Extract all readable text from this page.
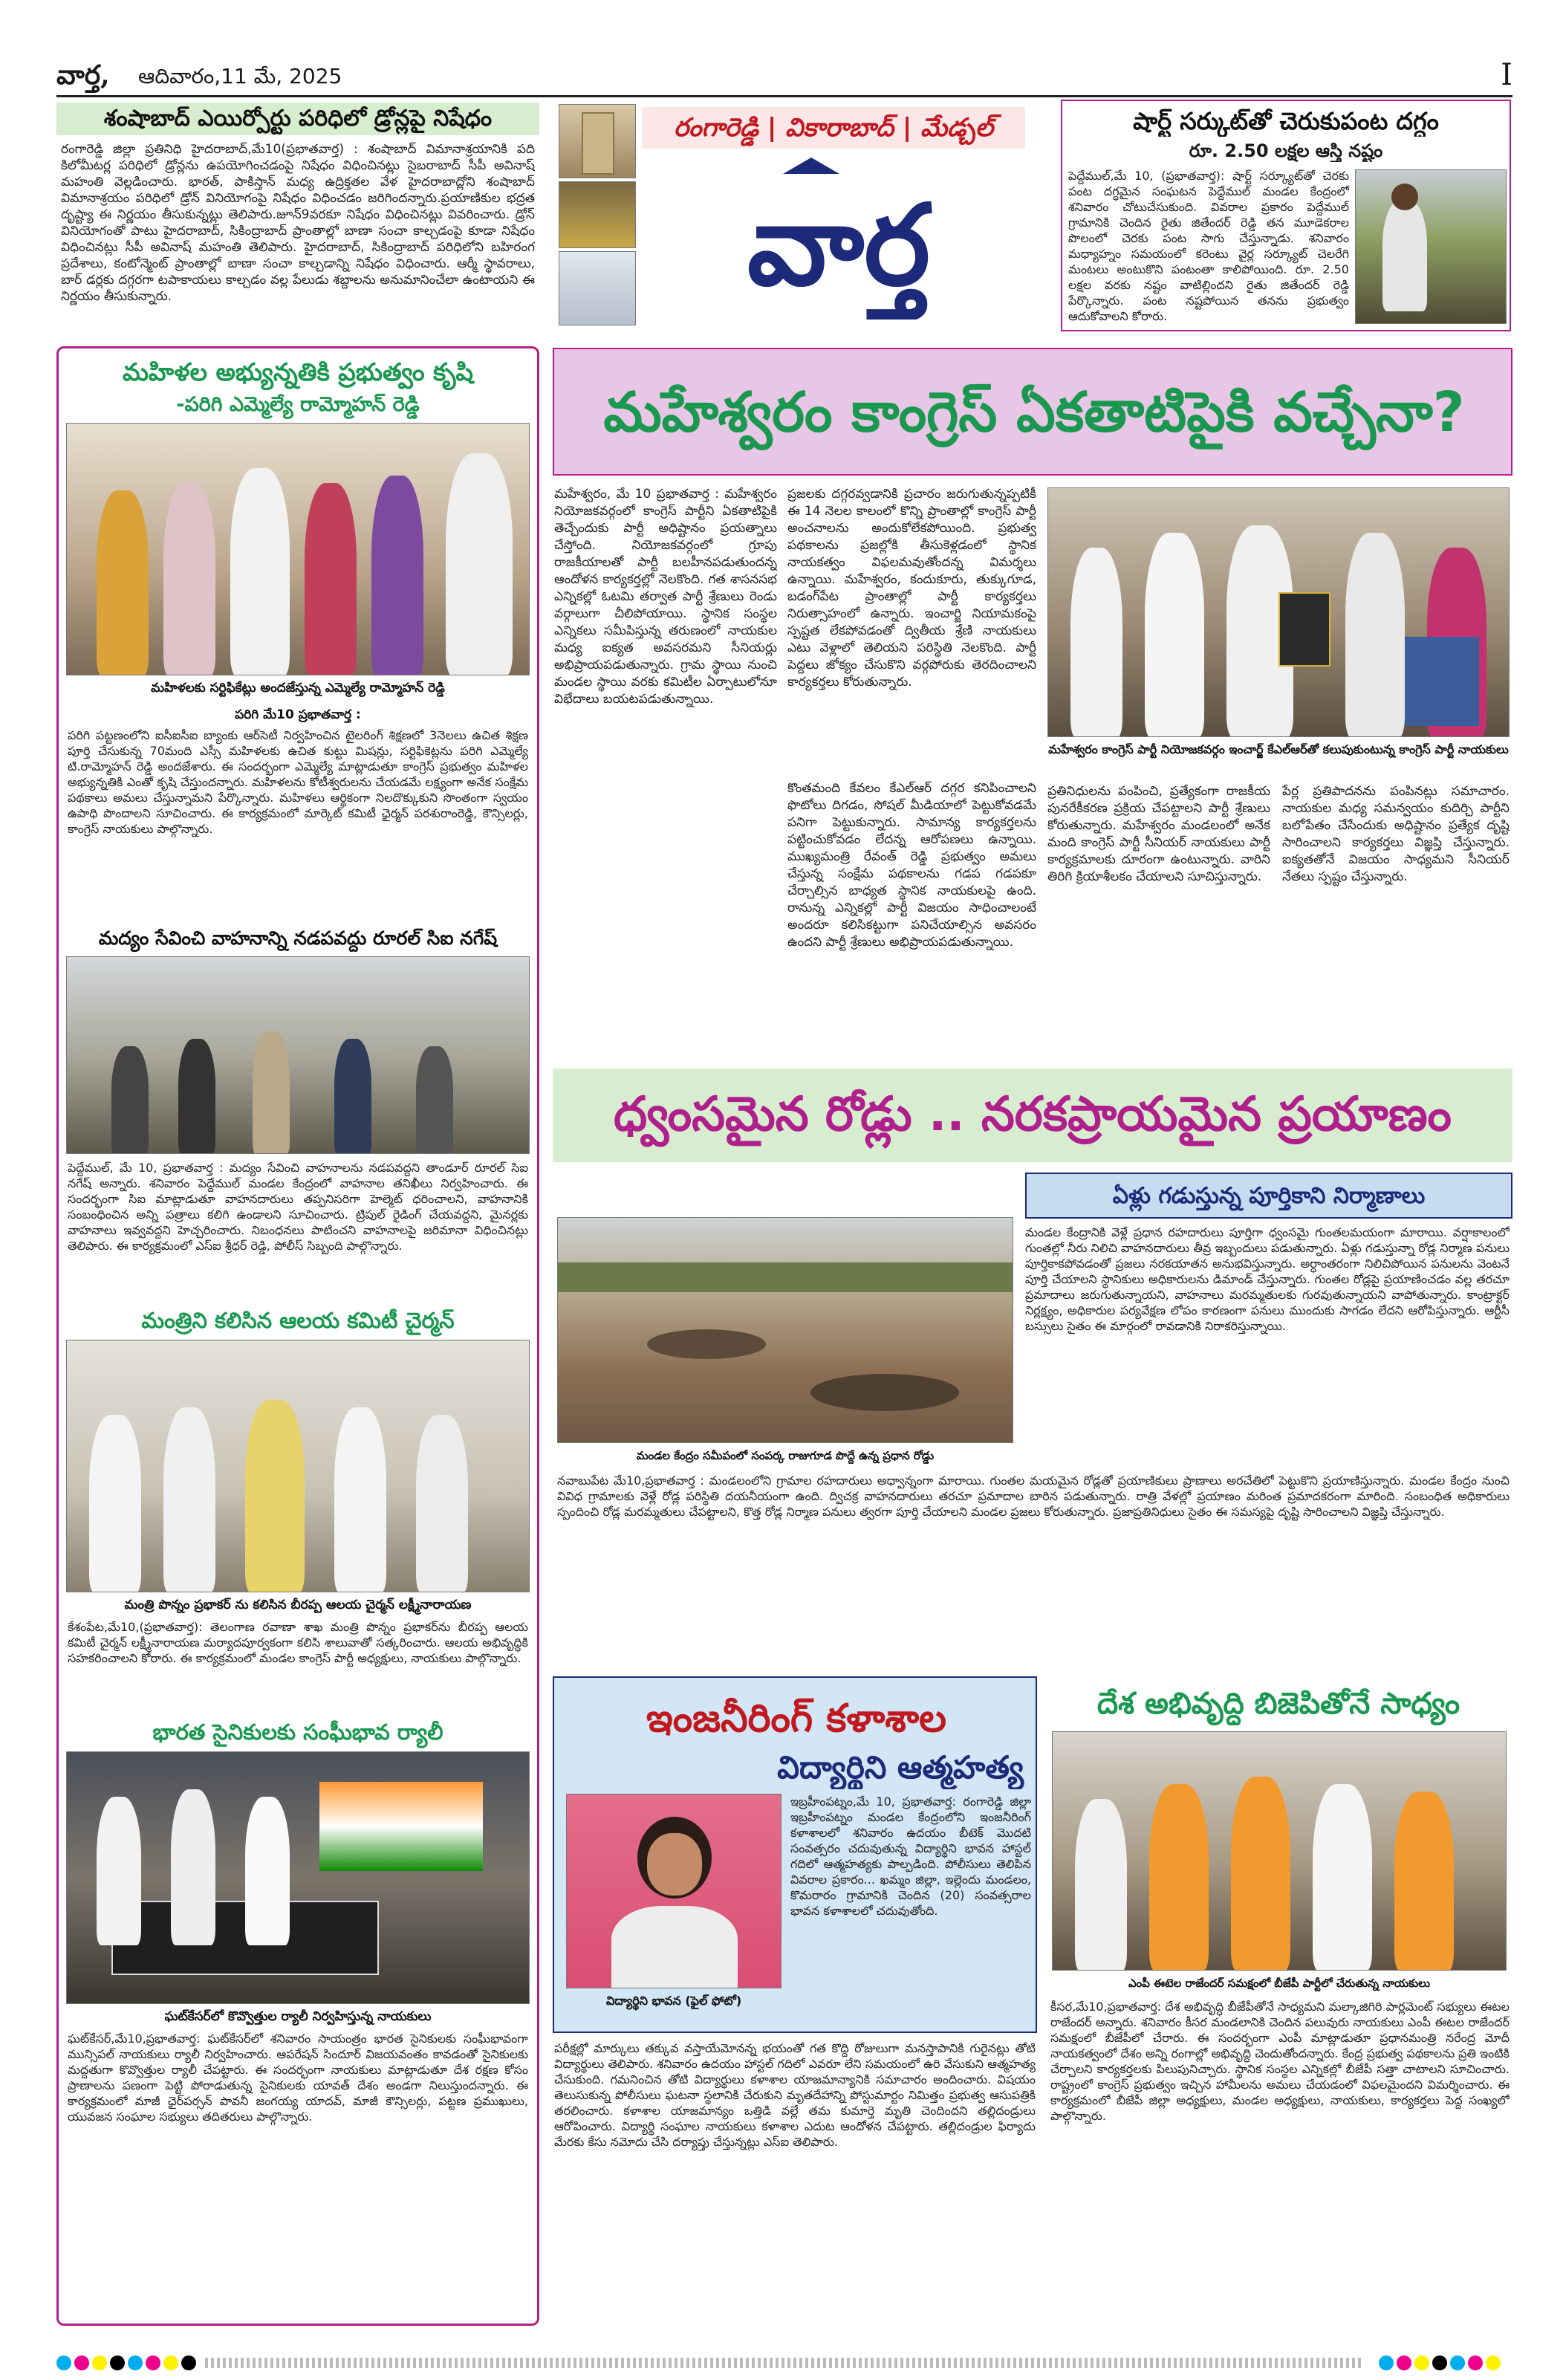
వార్త, ఆదివారం,11 మే, 2025	I
శంషాబాద్ ఎయిర్పోర్టు పరిధిలో డ్రోన్లపై నిషేధం
రంగారెడ్డి జిల్లా ప్రతినిధి హైదరాబాద్,మే10(ప్రభాతవార్త) : శంషాబాద్ విమానాశ్రయానికి పది కిలోమీటర్ల పరిధిలో డ్రోన్లను ఉపయోగించడంపై నిషేధం విధించినట్లు సైబరాబాద్ సీపీ అవినాష్ మహంతి వెల్లడించారు. భారత్, పాకిస్తాన్ మధ్య ఉద్రిక్తతల వేళ హైదరాబాద్లోని శంషాబాద్ విమానాశ్రయం పరిధిలో డ్రోన్ వినియోగంపై నిషేధం విధించడం జరిగిందన్నారు.ప్రయాణికుల భద్రత దృష్ట్యా ఈ నిర్ణయం తీసుకున్నట్లు తెలిపారు.జూన్9వరకూ నిషేధం విధించినట్లు వివరించారు. డ్రోన్ వినియోగంతో పాటు హైదరాబాద్, సికింద్రాబాద్ ప్రాంతాల్లో బాణా సంచా కాల్చడంపై కూడా నిషేధం విధించినట్లు సీపీ అవినాష్ మహంతి తెలిపారు. హైదరాబాద్, సికింద్రాబాద్ పరిధిలోని బహిరంగ ప్రదేశాలు, కంటోన్మెంట్ ప్రాంతాల్లో బాణా సంచా కాల్చడాన్ని నిషేధం విధించారు. ఆర్మీ స్థావరాలు, బార్ డర్లకు దగ్గరగా టపాకాయలు కాల్చడం వల్ల పేలుడు శబ్దాలను అనుమానించేలా ఉంటాయని ఈ నిర్ణయం తీసుకున్నారు.
రంగారెడ్డి | వికారాబాద్ | మేడ్చల్
వార్త
షార్ట్ సర్కుట్‌తో చెరుకుపంట దగ్ధం
రూ. 2.50 లక్షల ఆస్తి నష్టం
పెద్దేముల్,మే 10, (ప్రభాతవార్త): షార్ట్ సర్క్యూట్‌తో చెరకు పంట దగ్ధమైన సంఘటన పెద్దేముల్ మండల కేంద్రంలో శనివారం చోటుచేసుకుంది. వివరాల ప్రకారం పెద్దేముల్ గ్రామానికి చెందిన రైతు జితేందర్ రెడ్డి తన మూడెకరాల పొలంలో చెరకు పంట సాగు చేస్తున్నాడు. శనివారం మధ్యాహ్నం సమయంలో కరెంటు వైర్ల సర్క్యూట్ చెలరేగి మంటలు అంటుకొని పంటంతా కాలిపోయింది. రూ. 2.50 లక్షల వరకు నష్టం వాటిల్లిందని రైతు జితేందర్ రెడ్డి పేర్కొన్నారు. పంట నష్టపోయిన తనను ప్రభుత్వం ఆదుకోవాలని కోరారు.
మహిళల అభ్యున్నతికి ప్రభుత్వం కృషి
-పరిగి ఎమ్మెల్యే రామ్మోహన్ రెడ్డి
మహిళలకు సర్టిఫికేట్లు అందజేస్తున్న ఎమ్మెల్యే రామ్మోహన్ రెడ్డి
పరిగి మే10 ప్రభాతవార్త :
పరిగి పట్టణంలోని ఐసీఐసీఐ బ్యాంకు ఆర్‌సెటీ నిర్వహించిన టైలరింగ్ శిక్షణలో 3నెలలు ఉచిత శిక్షణ పూర్తి చేసుకున్న 70మంది ఎస్సీ మహిళలకు ఉచిత కుట్టు మిషన్లు, సర్టిఫికెట్లను పరిగి ఎమ్మెల్యే టి.రామ్మోహన్ రెడ్డి అందజేశారు. ఈ సందర్భంగా ఎమ్మెల్యే మాట్లాడుతూ కాంగ్రెస్ ప్రభుత్వం మహిళల అభ్యున్నతికి ఎంతో కృషి చేస్తుందన్నారు. మహిళలను కోటీశ్వరులను చేయడమే లక్ష్యంగా అనేక సంక్షేమ పథకాలు అమలు చేస్తున్నామని పేర్కొన్నారు. మహిళలు ఆర్థికంగా నిలదొక్కుకుని సొంతంగా స్వయం ఉపాధి పొందాలని సూచించారు. ఈ కార్యక్రమంలో మార్కెట్ కమిటీ ఛైర్మన్ పరశురాంరెడ్డి, కౌన్సిలర్లు, కాంగ్రెస్ నాయకులు పాల్గొన్నారు.
మద్యం సేవించి వాహనాన్ని నడపవద్దు రూరల్ సిఐ నగేష్
పెద్దేముల్, మే 10, ప్రభాతవార్త : మద్యం సేవించి వాహనాలను నడపవద్దని తాండూర్ రూరల్ సిఐ నగేష్ అన్నారు. శనివారం పెద్దేముల్ మండల కేంద్రంలో వాహనాల తనిఖీలు నిర్వహించారు. ఈ సందర్భంగా సిఐ మాట్లాడుతూ వాహనదారులు తప్పనిసరిగా హెల్మెట్ ధరించాలని, వాహనానికి సంబంధించిన అన్ని పత్రాలు కలిగి ఉండాలని సూచించారు. ట్రిపుల్ రైడింగ్ చేయవద్దని, మైనర్లకు వాహనాలు ఇవ్వవద్దని హెచ్చరించారు. నిబంధనలు పాటించని వాహనాలపై జరిమానా విధించినట్లు తెలిపారు. ఈ కార్యక్రమంలో ఎస్ఐ శ్రీధర్ రెడ్డి, పోలీస్ సిబ్బంది పాల్గొన్నారు.
మంత్రిని కలిసిన ఆలయ కమిటీ చైర్మన్
మంత్రి పొన్నం ప్రభాకర్ ను కలిసిన బీరప్ప ఆలయ చైర్మన్ లక్ష్మీనారాయణ
కేశంపేట,మే10,(ప్రభాతవార్త): తెలంగాణ రవాణా శాఖ మంత్రి పొన్నం ప్రభాకర్‌ను బీరప్ప ఆలయ కమిటీ చైర్మన్ లక్ష్మీనారాయణ మర్యాదపూర్వకంగా కలిసి శాలువాతో సత్కరించారు. ఆలయ అభివృద్ధికి సహకరించాలని కోరారు. ఈ కార్యక్రమంలో మండల కాంగ్రెస్ పార్టీ అధ్యక్షులు, నాయకులు పాల్గొన్నారు.
భారత సైనికులకు సంఘీభావ ర్యాలీ
ఘట్‌కేసర్‌లో కొవ్వొత్తుల ర్యాలీ నిర్వహిస్తున్న నాయకులు
ఘట్‌కేసర్,మే10,ప్రభాతవార్త: ఘట్‌కేసర్‌లో శనివారం సాయంత్రం భారత సైనికులకు సంఘీభావంగా మున్సిపల్ నాయకులు ర్యాలీ నిర్వహించారు. ఆపరేషన్ సిందూర్ విజయవంతం కావడంతో సైనికులకు మద్దతుగా కొవ్వొత్తుల ర్యాలీ చేపట్టారు. ఈ సందర్భంగా నాయకులు మాట్లాడుతూ దేశ రక్షణ కోసం ప్రాణాలను పణంగా పెట్టి పోరాడుతున్న సైనికులకు యావత్ దేశం అండగా నిలుస్తుందన్నారు. ఈ కార్యక్రమంలో మాజీ ఛైర్‌పర్సన్ పావనీ జంగయ్య యాదవ్, మాజీ కౌన్సిలర్లు, పట్టణ ప్రముఖులు, యువజన సంఘాల సభ్యులు తదితరులు పాల్గొన్నారు.
మహేశ్వరం కాంగ్రెస్ ఏకతాటిపైకి వచ్చేనా?
మహేశ్వరం, మే 10 ప్రభాతవార్త : మహేశ్వరం నియోజకవర్గంలో కాంగ్రెస్ పార్టీని ఏకతాటిపైకి తెచ్చేందుకు పార్టీ అధిష్టానం ప్రయత్నాలు చేస్తోంది. నియోజకవర్గంలో గ్రూపు రాజకీయాలతో పార్టీ బలహీనపడుతుందన్న ఆందోళన కార్యకర్తల్లో నెలకొంది. గత శాసనసభ ఎన్నికల్లో ఓటమి తర్వాత పార్టీ శ్రేణులు రెండు వర్గాలుగా చీలిపోయాయి. స్థానిక సంస్థల ఎన్నికలు సమీపిస్తున్న తరుణంలో నాయకుల మధ్య ఐక్యత అవసరమని సీనియర్లు అభిప్రాయపడుతున్నారు. గ్రామ స్థాయి నుంచి మండల స్థాయి వరకు కమిటీల ఏర్పాటులోనూ విభేదాలు బయటపడుతున్నాయి.
ప్రజలకు దగ్గరవ్వడానికి ప్రచారం జరుగుతున్నప్పటికీ ఈ 14 నెలల కాలంలో కొన్ని ప్రాంతాల్లో కాంగ్రెస్ పార్టీ అంచనాలను అందుకోలేకపోయింది. ప్రభుత్వ పథకాలను ప్రజల్లోకి తీసుకెళ్లడంలో స్థానిక నాయకత్వం విఫలమవుతోందన్న విమర్శలు ఉన్నాయి. మహేశ్వరం, కందుకూరు, తుక్కుగూడ, బడంగ్‌పేట ప్రాంతాల్లో పార్టీ కార్యకర్తలు నిరుత్సాహంలో ఉన్నారు. ఇంచార్జి నియామకంపై స్పష్టత లేకపోవడంతో ద్వితీయ శ్రేణి నాయకులు ఎటు వెళ్లాలో తెలియని పరిస్థితి నెలకొంది. పార్టీ పెద్దలు జోక్యం చేసుకొని వర్గపోరుకు తెరదించాలని కార్యకర్తలు కోరుతున్నారు.
కొంతమంది కేవలం కేఎల్ఆర్ దగ్గర కనిపించాలని ఫొటోలు దిగడం, సోషల్ మీడియాలో పెట్టుకోవడమే పనిగా పెట్టుకున్నారు. సామాన్య కార్యకర్తలను పట్టించుకోవడం లేదన్న ఆరోపణలు ఉన్నాయి. ముఖ్యమంత్రి రేవంత్ రెడ్డి ప్రభుత్వం అమలు చేస్తున్న సంక్షేమ పథకాలను గడప గడపకూ చేర్చాల్సిన బాధ్యత స్థానిక నాయకులపై ఉంది. రానున్న ఎన్నికల్లో పార్టీ విజయం సాధించాలంటే అందరూ కలిసికట్టుగా పనిచేయాల్సిన అవసరం ఉందని పార్టీ శ్రేణులు అభిప్రాయపడుతున్నాయి.
మహేశ్వరం కాంగ్రెస్ పార్టీ నియోజకవర్గం ఇంచార్జ్ కేఎల్ఆర్‌తో కలుపుకుంటున్న కాంగ్రెస్ పార్టీ నాయకులు
ప్రతినిధులను పంపించి, ప్రత్యేకంగా రాజకీయ పునరేకీకరణ ప్రక్రియ చేపట్టాలని పార్టీ శ్రేణులు కోరుతున్నారు. మహేశ్వరం మండలంలో అనేక మంది కాంగ్రెస్ పార్టీ సీనియర్ నాయకులు పార్టీ కార్యక్రమాలకు దూరంగా ఉంటున్నారు. వారిని తిరిగి క్రియాశీలకం చేయాలని సూచిస్తున్నారు.
పేర్ల ప్రతిపాదనను పంపినట్లు సమాచారం. నాయకుల మధ్య సమన్వయం కుదిర్చి పార్టీని బలోపేతం చేసేందుకు అధిష్టానం ప్రత్యేక దృష్టి సారించాలని కార్యకర్తలు విజ్ఞప్తి చేస్తున్నారు. ఐక్యతతోనే విజయం సాధ్యమని సీనియర్ నేతలు స్పష్టం చేస్తున్నారు.
ధ్వంసమైన రోడ్లు .. నరకప్రాయమైన ప్రయాణం
మండల కేంద్రం సమీపంలో సంపర్క రాజుగూడ పొద్దే ఉన్న ప్రధాన రోడ్డు
ఏళ్లు గడుస్తున్న పూర్తికాని నిర్మాణాలు
మండల కేంద్రానికి వెళ్లే ప్రధాన రహదారులు పూర్తిగా ధ్వంసమై గుంతలమయంగా మారాయి. వర్షాకాలంలో గుంతల్లో నీరు నిలిచి వాహనదారులు తీవ్ర ఇబ్బందులు పడుతున్నారు. ఏళ్లు గడుస్తున్నా రోడ్ల నిర్మాణ పనులు పూర్తికాకపోవడంతో ప్రజలు నరకయాతన అనుభవిస్తున్నారు. అర్ధాంతరంగా నిలిచిపోయిన పనులను వెంటనే పూర్తి చేయాలని స్థానికులు అధికారులను డిమాండ్ చేస్తున్నారు. గుంతల రోడ్లపై ప్రయాణించడం వల్ల తరచూ ప్రమాదాలు జరుగుతున్నాయని, వాహనాలు మరమ్మతులకు గురవుతున్నాయని వాపోతున్నారు. కాంట్రాక్టర్ నిర్లక్ష్యం, అధికారుల పర్యవేక్షణ లోపం కారణంగా పనులు ముందుకు సాగడం లేదని ఆరోపిస్తున్నారు. ఆర్టీసీ బస్సులు సైతం ఈ మార్గంలో రావడానికి నిరాకరిస్తున్నాయి.
నవాబుపేట మే10,ప్రభాతవార్త : మండలంలోని గ్రామాల రహదారులు అధ్వాన్నంగా మారాయి. గుంతల మయమైన రోడ్లతో ప్రయాణికులు ప్రాణాలు అరచేతిలో పెట్టుకొని ప్రయాణిస్తున్నారు. మండల కేంద్రం నుంచి వివిధ గ్రామాలకు వెళ్లే రోడ్ల పరిస్థితి దయనీయంగా ఉంది. ద్విచక్ర వాహనదారులు తరచూ ప్రమాదాల బారిన పడుతున్నారు. రాత్రి వేళల్లో ప్రయాణం మరింత ప్రమాదకరంగా మారింది. సంబంధిత అధికారులు స్పందించి రోడ్ల మరమ్మతులు చేపట్టాలని, కొత్త రోడ్ల నిర్మాణ పనులు త్వరగా పూర్తి చేయాలని మండల ప్రజలు కోరుతున్నారు. ప్రజాప్రతినిధులు సైతం ఈ సమస్యపై దృష్టి సారించాలని విజ్ఞప్తి చేస్తున్నారు.
ఇంజనీరింగ్ కళాశాల
విద్యార్థిని ఆత్మహత్య
విద్యార్థిని భావన (ఫైల్ ఫోటో)
ఇబ్రహీంపట్నం,మే 10, ప్రభాతవార్త: రంగారెడ్డి జిల్లా ఇబ్రహీంపట్నం మండల కేంద్రంలోని ఇంజనీరింగ్ కళాశాలలో శనివారం ఉదయం బీటెక్ మొదటి సంవత్సరం చదువుతున్న విద్యార్థిని భావన హాస్టల్ గదిలో ఆత్మహత్యకు పాల్పడింది. పోలీసులు తెలిపిన వివరాల ప్రకారం... ఖమ్మం జిల్లా, ఇల్లెందు మండలం, కొమరారం గ్రామానికి చెందిన (20) సంవత్సరాల భావన కళాశాలలో చదువుతోంది.
పరీక్షల్లో మార్కులు తక్కువ వస్తాయేమోనన్న భయంతో గత కొద్ది రోజులుగా మనస్తాపానికి గురైనట్లు తోటి విద్యార్థులు తెలిపారు. శనివారం ఉదయం హాస్టల్ గదిలో ఎవరూ లేని సమయంలో ఉరి వేసుకుని ఆత్మహత్య చేసుకుంది. గమనించిన తోటి విద్యార్థులు కళాశాల యాజమాన్యానికి సమాచారం అందించారు. విషయం తెలుసుకున్న పోలీసులు ఘటనా స్థలానికి చేరుకుని మృతదేహాన్ని పోస్టుమార్టం నిమిత్తం ప్రభుత్వ ఆసుపత్రికి తరలించారు. కళాశాల యాజమాన్యం ఒత్తిడి వల్లే తమ కుమార్తె మృతి చెందిందని తల్లిదండ్రులు ఆరోపించారు. విద్యార్థి సంఘాల నాయకులు కళాశాల ఎదుట ఆందోళన చేపట్టారు. తల్లిదండ్రుల ఫిర్యాదు మేరకు కేసు నమోదు చేసి దర్యాప్తు చేస్తున్నట్లు ఎస్ఐ తెలిపారు.
దేశ అభివృద్ధి బిజెపితోనే సాధ్యం
ఎంపీ ఈటెల రాజేందర్ సమక్షంలో బీజేపీ పార్టీలో చేరుతున్న నాయకులు
కీసర,మే10,ప్రభాతవార్త: దేశ అభివృద్ధి బీజేపీతోనే సాధ్యమని మల్కాజిగిరి పార్లమెంట్ సభ్యులు ఈటల రాజేందర్ అన్నారు. శనివారం కీసర మండలానికి చెందిన పలువురు నాయకులు ఎంపీ ఈటల రాజేందర్ సమక్షంలో బీజేపీలో చేరారు. ఈ సందర్భంగా ఎంపీ మాట్లాడుతూ ప్రధానమంత్రి నరేంద్ర మోదీ నాయకత్వంలో దేశం అన్ని రంగాల్లో అభివృద్ధి చెందుతోందన్నారు. కేంద్ర ప్రభుత్వ పథకాలను ప్రతి ఇంటికి చేర్చాలని కార్యకర్తలకు పిలుపునిచ్చారు. స్థానిక సంస్థల ఎన్నికల్లో బీజేపీ సత్తా చాటాలని సూచించారు. రాష్ట్రంలో కాంగ్రెస్ ప్రభుత్వం ఇచ్చిన హామీలను అమలు చేయడంలో విఫలమైందని విమర్శించారు. ఈ కార్యక్రమంలో బీజేపీ జిల్లా అధ్యక్షులు, మండల అధ్యక్షులు, నాయకులు, కార్యకర్తలు పెద్ద సంఖ్యలో పాల్గొన్నారు.
